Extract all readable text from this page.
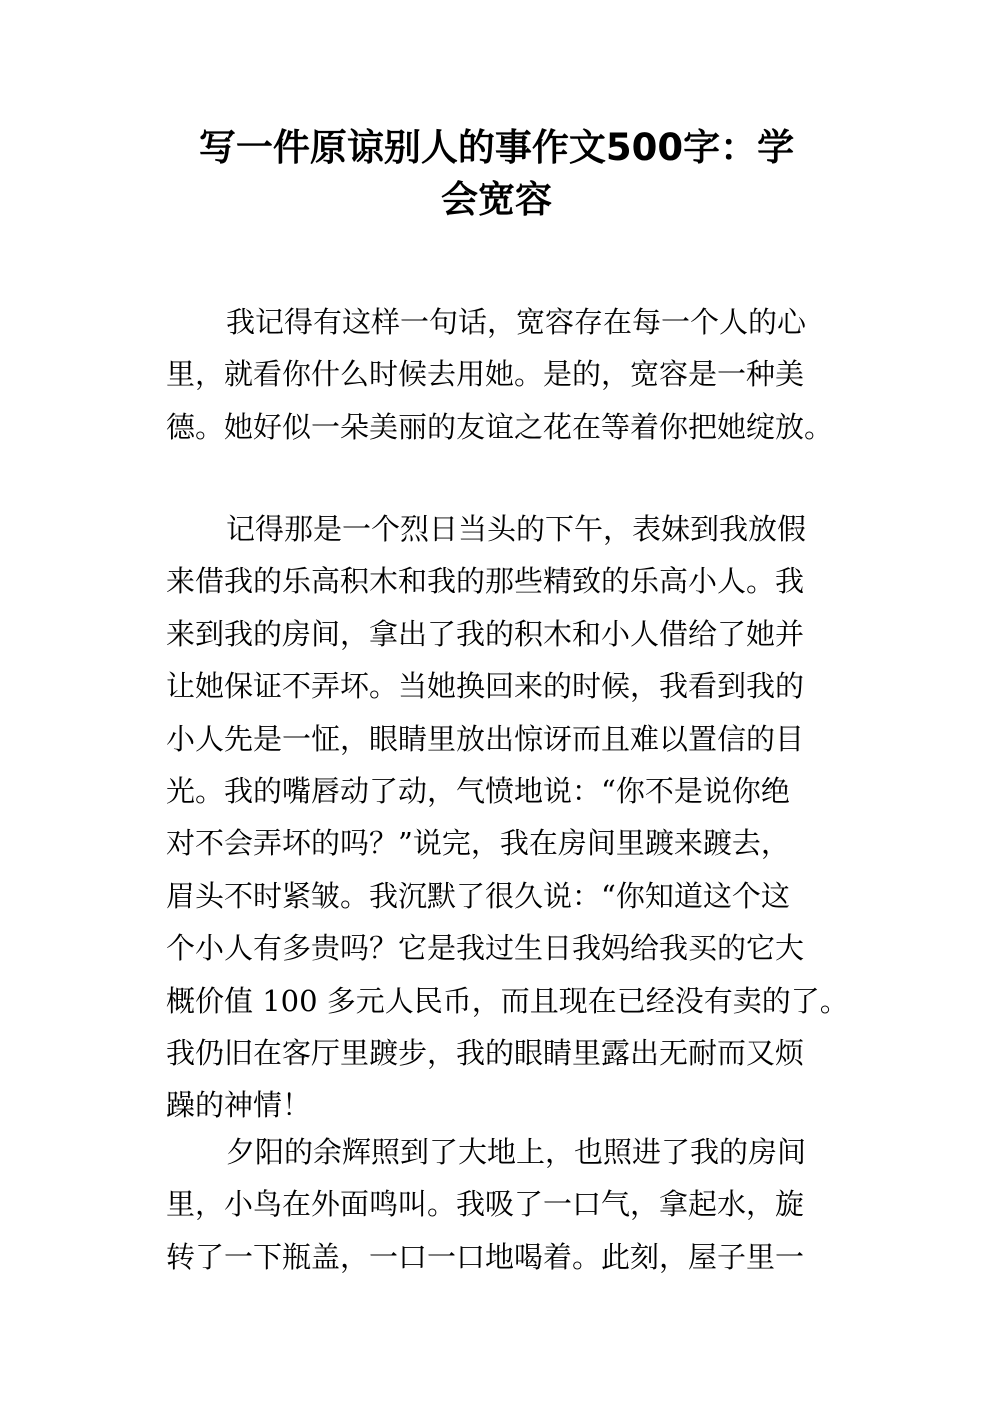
写一件原谅别人的事作文500字：学
会宽容
我记得有这样一句话，宽容存在每一个人的心
里，就看你什么时候去用她。是的，宽容是一种美
德。她好似一朵美丽的友谊之花在等着你把她绽放。
记得那是一个烈日当头的下午，表妹到我放假
来借我的乐高积木和我的那些精致的乐高小人。我
来到我的房间，拿出了我的积木和小人借给了她并
让她保证不弄坏。当她换回来的时候，我看到我的
小人先是一怔，眼睛里放出惊讶而且难以置信的目
光。我的嘴唇动了动，气愤地说：“你不是说你绝
对不会弄坏的吗？”说完，我在房间里踱来踱去，
眉头不时紧皱。我沉默了很久说：“你知道这个这
个小人有多贵吗？它是我过生日我妈给我买的它大
概价值 100 多元人民币，而且现在已经没有卖的了。
我仍旧在客厅里踱步，我的眼睛里露出无耐而又烦
躁的神情！
夕阳的余辉照到了大地上，也照进了我的房间
里，小鸟在外面鸣叫。我吸了一口气，拿起水，旋
转了一下瓶盖，一口一口地喝着。此刻，屋子里一
